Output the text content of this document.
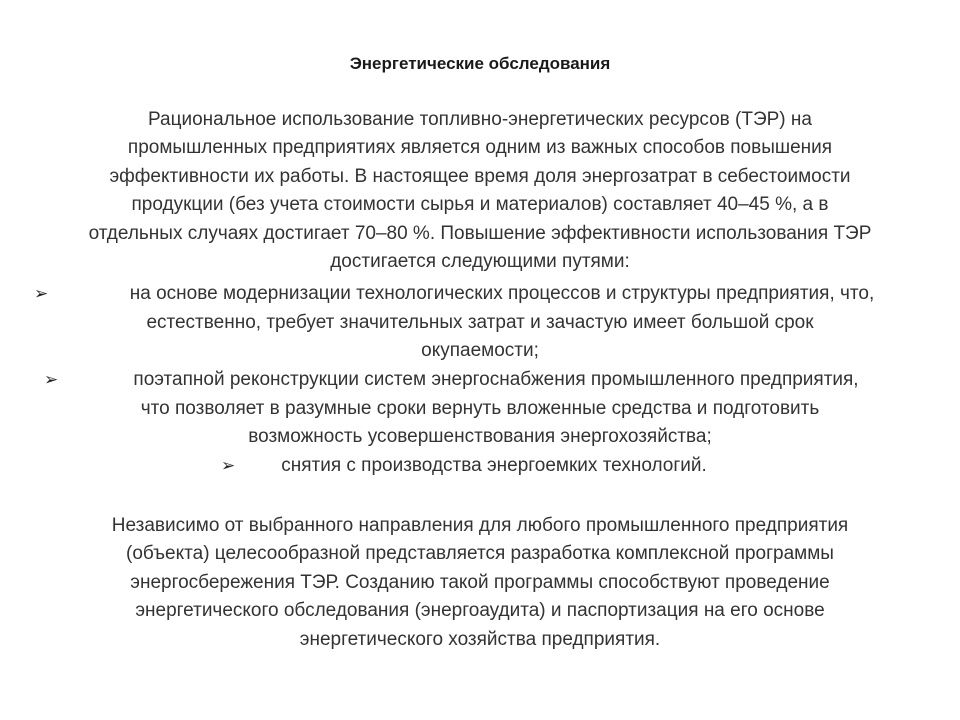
Энергетические обследования
Рациональное использование топливно-энергетических ресурсов (ТЭР) на
промышленных предприятиях является одним из важных способов повышения
эффективности их работы. В настоящее время доля энергозатрат в себестоимости
продукции (без учета стоимости сырья и материалов) составляет 40–45 %, а в
отдельных случаях достигает 70–80 %. Повышение эффективности использования ТЭР
достигается следующими путями:
➢	на основе модернизации технологических процессов и структуры предприятия, что,
естественно, требует значительных затрат и зачастую имеет большой срок
окупаемости;
➢	поэтапной реконструкции систем энергоснабжения промышленного предприятия,
что позволяет в разумные сроки вернуть вложенные средства и подготовить
возможность усовершенствования энергохозяйства;
➢	снятия с производства энергоемких технологий.
Независимо от выбранного направления для любого промышленного предприятия
(объекта) целесообразной представляется разработка комплексной программы
энергосбережения ТЭР. Созданию такой программы способствуют проведение
энергетического обследования (энергоаудита) и паспортизация на его основе
энергетического хозяйства предприятия.
